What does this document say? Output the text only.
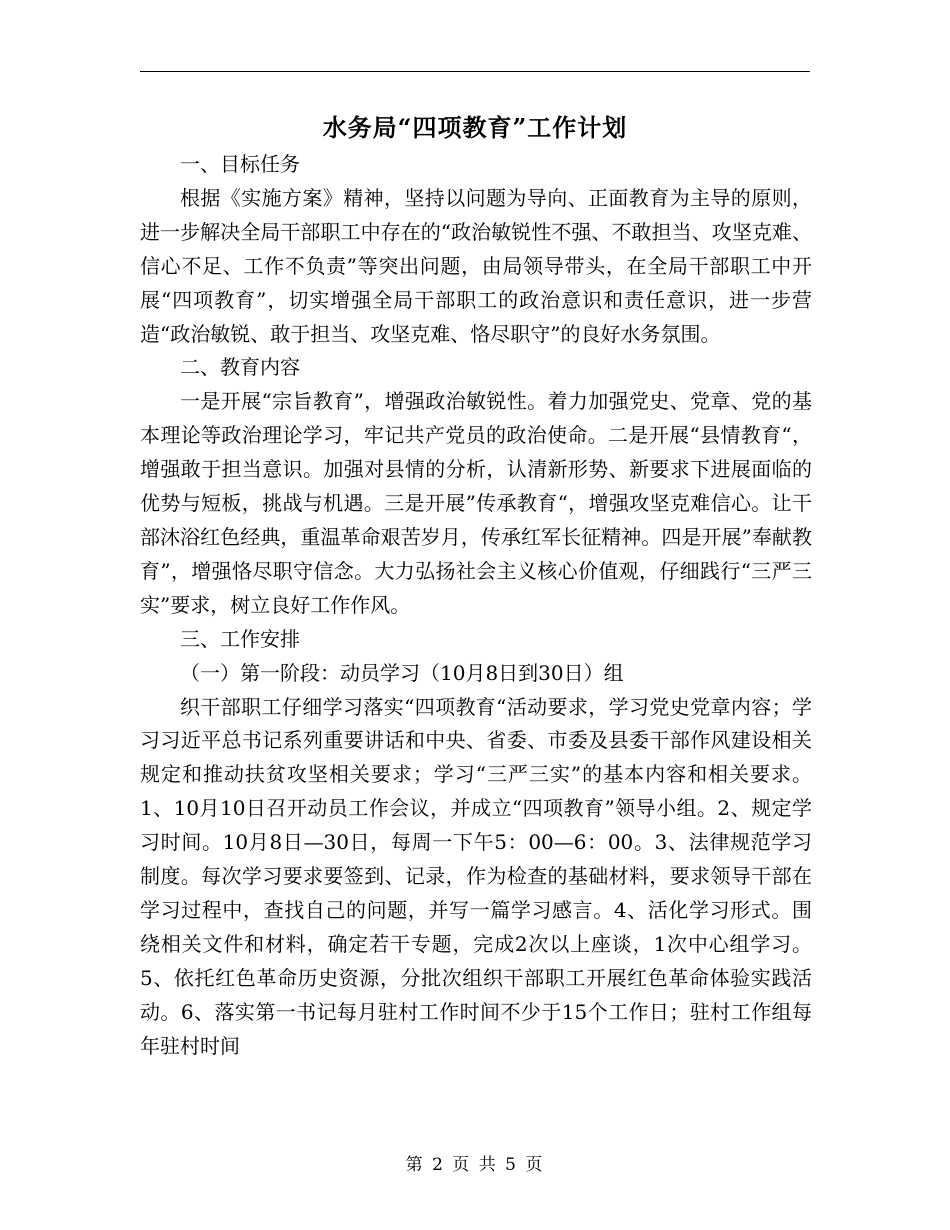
水务局“四项教育”工作计划

一、目标任务

根据《实施方案》精神，坚持以问题为导向、正面教育为主导的原则，进一步解决全局干部职工中存在的“政治敏锐性不强、不敢担当、攻坚克难、信心不足、工作不负责”等突出问题，由局领导带头，在全局干部职工中开展“四项教育”，切实增强全局干部职工的政治意识和责任意识，进一步营造“政治敏锐、敢于担当、攻坚克难、恪尽职守”的良好水务氛围。

二、教育内容

一是开展“宗旨教育”，增强政治敏锐性。着力加强党史、党章、党的基本理论等政治理论学习，牢记共产党员的政治使命。二是开展“县情教育“，增强敢于担当意识。加强对县情的分析，认清新形势、新要求下进展面临的优势与短板，挑战与机遇。三是开展”传承教育“，增强攻坚克难信心。让干部沐浴红色经典，重温革命艰苦岁月，传承红军长征精神。四是开展”奉献教育”，增强恪尽职守信念。大力弘扬社会主义核心价值观，仔细践行“三严三实”要求，树立良好工作作风。

三、工作安排

（一）第一阶段：动员学习（10月8日到30日）组

织干部职工仔细学习落实“四项教育“活动要求，学习党史党章内容；学习习近平总书记系列重要讲话和中央、省委、市委及县委干部作风建设相关规定和推动扶贫攻坚相关要求；学习“三严三实”的基本内容和相关要求。1、10月10日召开动员工作会议，并成立“四项教育”领导小组。2、规定学习时间。10月8日—30日，每周一下午5：00—6：00。3、法律规范学习制度。每次学习要求要签到、记录，作为检查的基础材料，要求领导干部在学习过程中，查找自己的问题，并写一篇学习感言。4、活化学习形式。围绕相关文件和材料，确定若干专题，完成2次以上座谈，1次中心组学习。5、依托红色革命历史资源，分批次组织干部职工开展红色革命体验实践活动。6、落实第一书记每月驻村工作时间不少于15个工作日；驻村工作组每年驻村时间

第 2 页 共 5 页
